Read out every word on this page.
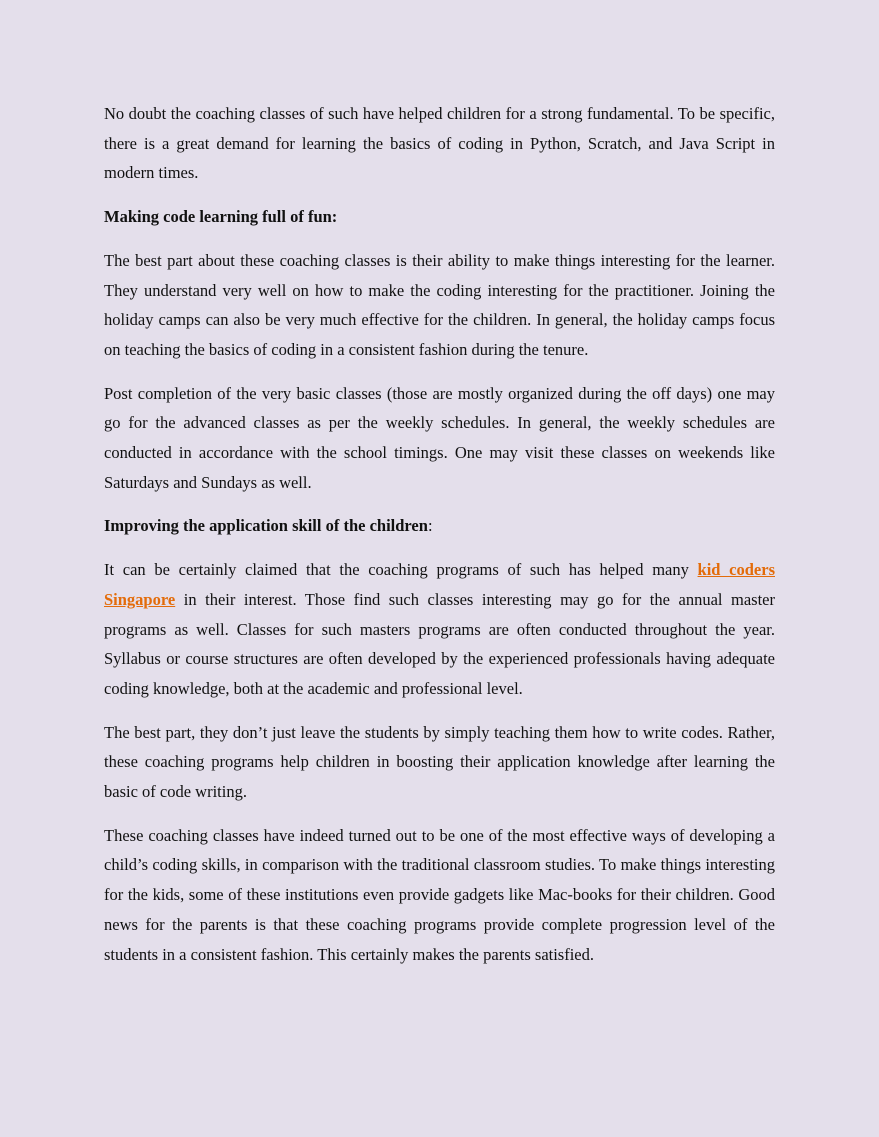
No doubt the coaching classes of such have helped children for a strong fundamental. To be specific, there is a great demand for learning the basics of coding in Python, Scratch, and Java Script in modern times.

Making code learning full of fun:

The best part about these coaching classes is their ability to make things interesting for the learner. They understand very well on how to make the coding interesting for the practitioner. Joining the holiday camps can also be very much effective for the children. In general, the holiday camps focus on teaching the basics of coding in a consistent fashion during the tenure.

Post completion of the very basic classes (those are mostly organized during the off days) one may go for the advanced classes as per the weekly schedules. In general, the weekly schedules are conducted in accordance with the school timings. One may visit these classes on weekends like Saturdays and Sundays as well.

Improving the application skill of the children:

It can be certainly claimed that the coaching programs of such has helped many kid coders Singapore in their interest. Those find such classes interesting may go for the annual master programs as well. Classes for such masters programs are often conducted throughout the year. Syllabus or course structures are often developed by the experienced professionals having adequate coding knowledge, both at the academic and professional level.

The best part, they don’t just leave the students by simply teaching them how to write codes. Rather, these coaching programs help children in boosting their application knowledge after learning the basic of code writing.

These coaching classes have indeed turned out to be one of the most effective ways of developing a child’s coding skills, in comparison with the traditional classroom studies. To make things interesting for the kids, some of these institutions even provide gadgets like Mac-books for their children. Good news for the parents is that these coaching programs provide complete progression level of the students in a consistent fashion. This certainly makes the parents satisfied.
